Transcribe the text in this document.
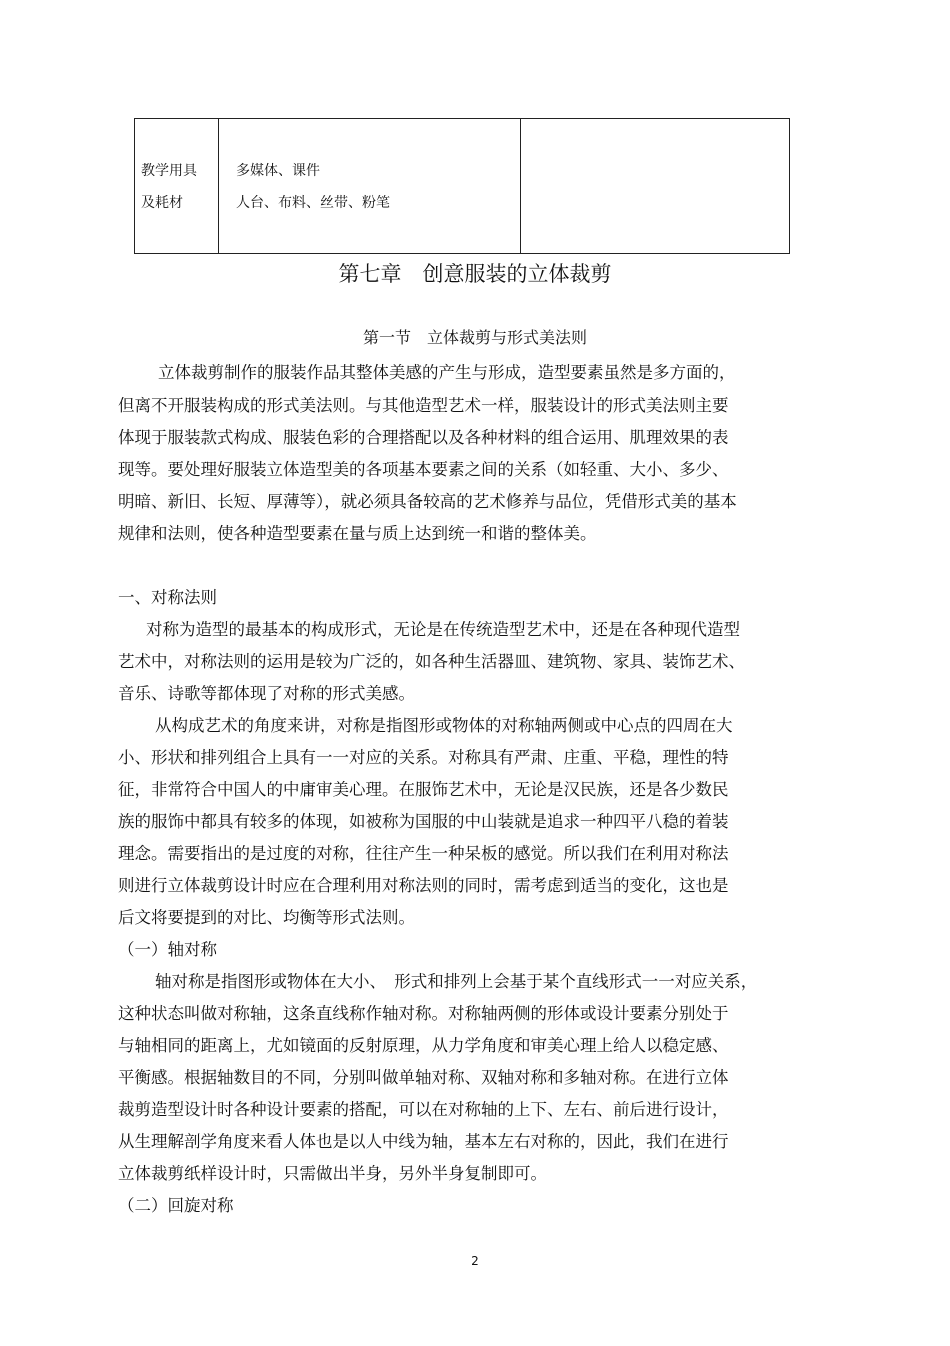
教学用具
及耗材
多媒体、课件
人台、布料、丝带、粉笔
第七章　创意服装的立体裁剪
第一节　立体裁剪与形式美法则
立体裁剪制作的服装作品其整体美感的产生与形成，造型要素虽然是多方面的，
但离不开服装构成的形式美法则。与其他造型艺术一样，服装设计的形式美法则主要
体现于服装款式构成、服装色彩的合理搭配以及各种材料的组合运用、肌理效果的表
现等。要处理好服装立体造型美的各项基本要素之间的关系（如轻重、大小、多少、
明暗、新旧、长短、厚薄等），就必须具备较高的艺术修养与品位，凭借形式美的基本
规律和法则，使各种造型要素在量与质上达到统一和谐的整体美。
一、对称法则
对称为造型的最基本的构成形式，无论是在传统造型艺术中，还是在各种现代造型
艺术中，对称法则的运用是较为广泛的，如各种生活器皿、建筑物、家具、装饰艺术、
音乐、诗歌等都体现了对称的形式美感。
从构成艺术的角度来讲，对称是指图形或物体的对称轴两侧或中心点的四周在大
小、形状和排列组合上具有一一对应的关系。对称具有严肃、庄重、平稳，理性的特
征，非常符合中国人的中庸审美心理。在服饰艺术中，无论是汉民族，还是各少数民
族的服饰中都具有较多的体现，如被称为国服的中山装就是追求一种四平八稳的着装
理念。需要指出的是过度的对称，往往产生一种呆板的感觉。所以我们在利用对称法
则进行立体裁剪设计时应在合理利用对称法则的同时，需考虑到适当的变化，这也是
后文将要提到的对比、均衡等形式法则。
（一）轴对称
轴对称是指图形或物体在大小、　形式和排列上会基于某个直线形式一一对应关系，
这种状态叫做对称轴，这条直线称作轴对称。对称轴两侧的形体或设计要素分别处于
与轴相同的距离上，尤如镜面的反射原理，从力学角度和审美心理上给人以稳定感、
平衡感。根据轴数目的不同，分别叫做单轴对称、双轴对称和多轴对称。在进行立体
裁剪造型设计时各种设计要素的搭配，可以在对称轴的上下、左右、前后进行设计，
从生理解剖学角度来看人体也是以人中线为轴，基本左右对称的，因此，我们在进行
立体裁剪纸样设计时，只需做出半身，另外半身复制即可。
（二）回旋对称
2
